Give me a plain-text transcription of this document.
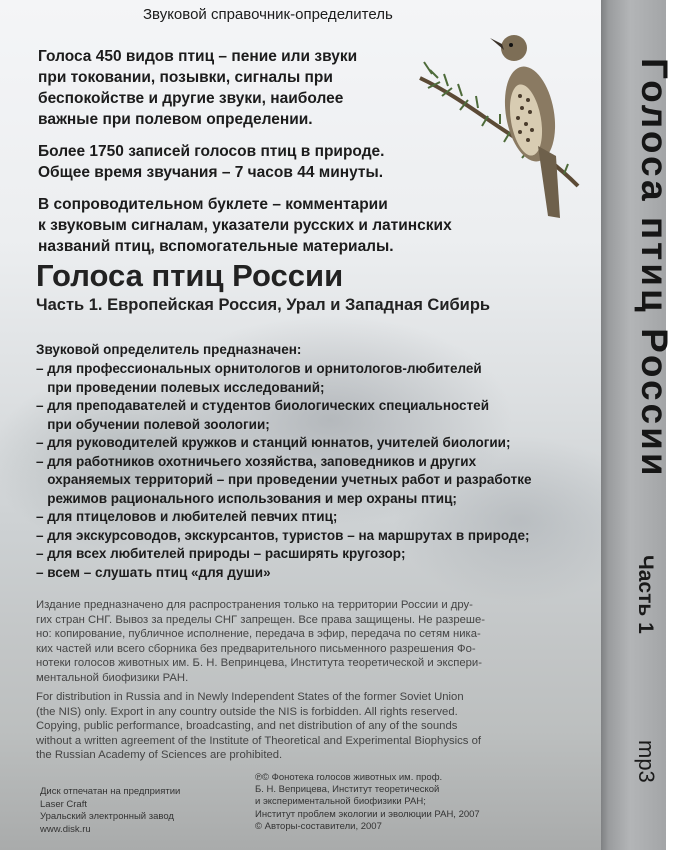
Звуковой справочник-определитель

Голоса 450 видов птиц – пение или звуки
при токовании, позывки, сигналы при
беспокойстве и другие звуки, наиболее
важные при полевом определении.

Более 1750 записей голосов птиц в природе.
Общее время звучания – 7 часов 44 минуты.

В сопроводительном буклете – комментарии
к звуковым сигналам, указатели русских и латинских
названий птиц, вспомогательные материалы.

Голоса птиц России
Часть 1. Европейская Россия, Урал и Западная Сибирь
Звуковой определитель предназначен:
– для профессиональных орнитологов и орнитологов-любителей
при проведении полевых исследований;
– для преподавателей и студентов биологических специальностей
при обучении полевой зоологии;
– для руководителей кружков и станций юннатов, учителей биологии;
– для работников охотничьего хозяйства, заповедников и других
охраняемых территорий – при проведении учетных работ и разработке
режимов рационального использования и мер охраны птиц;
– для птицеловов и любителей певчих птиц;
– для экскурсоводов, экскурсантов, туристов – на маршрутах в природе;
– для всех любителей природы – расширять кругозор;
– всем – слушать птиц «для души»
Издание предназначено для распространения только на территории России и дру-
гих стран СНГ. Вывоз за пределы СНГ запрещен. Все права защищены. Не разреше-
но: копирование, публичное исполнение, передача в эфир, передача по сетям ника-
ких частей или всего сборника без предварительного письменного разрешения Фо-
нотеки голосов животных им. Б. Н. Вепринцева, Института теоретической и экспери-
ментальной биофизики РАН.
For distribution in Russia and in Newly Independent States of the former Soviet Union
(the NIS) only. Export in any country outside the NIS is forbidden. All rights reserved.
Copying, public performance, broadcasting, and net distribution of any of the sounds
without a written agreement of the Institute of Theoretical and Experimental Biophysics of
the Russian Academy of Sciences are prohibited.
Диск отпечатан на предприятии
Laser Craft
Уральский электронный завод
www.disk.ru
℗© Фонотека голосов животных им. проф.
Б. Н. Веприцева, Институт теоретической
и экспериментальной биофизики РАН;
Институт проблем экологии и эволюции РАН, 2007
© Авторы-составители, 2007
Голоса птиц России
Часть 1
mp3
